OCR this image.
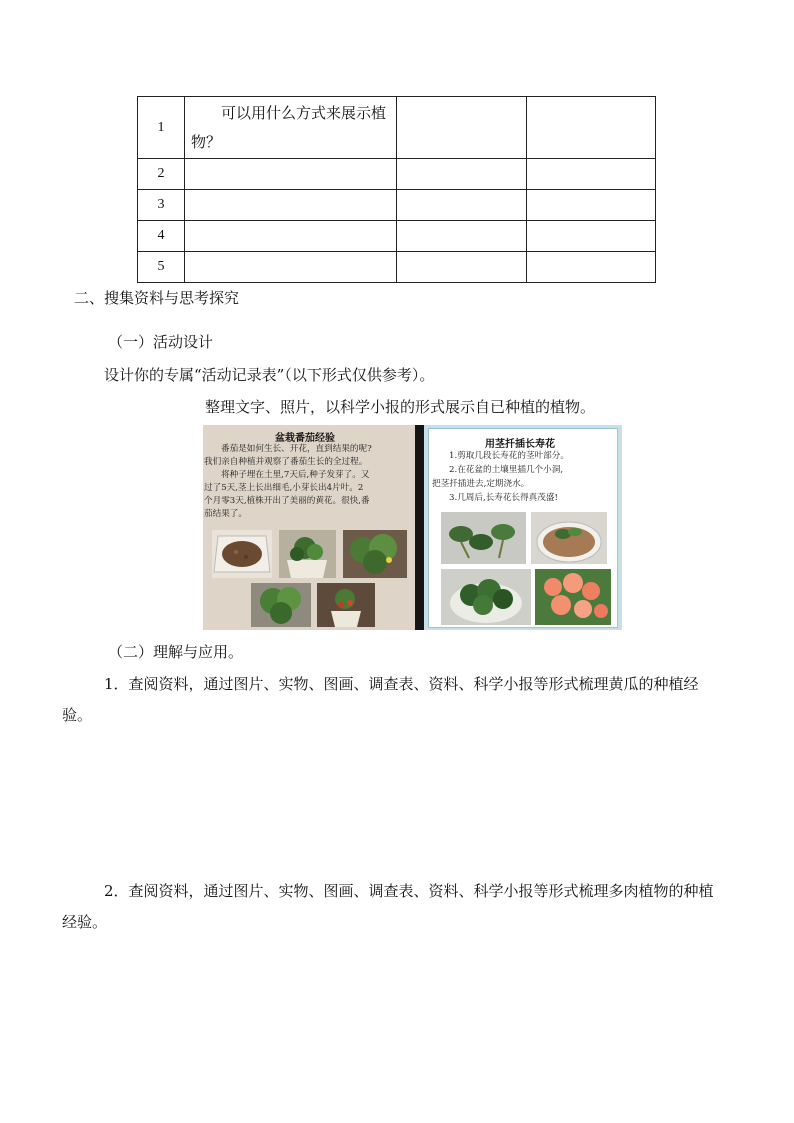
1	可以用什么方式来展示植物？		

2			
3			
4			
5			
二、搜集资料与思考探究
（一）活动设计
设计你的专属“活动记录表”（以下形式仅供参考）。
整理文字、照片，以科学小报的形式展示自已种植的植物。
盆栽番茄经验
番茄是如何生长、开花，直到结果的呢?
我们亲自种植并观察了番茄生长的全过程。
将种子埋在土里,7天后,种子发芽了。又
过了5天,茎上长出细毛,小芽长出4片叶。2
个月零3天,植株开出了美丽的黄花。很快,番
茄结果了。
用茎扦插长寿花
1.剪取几段长寿花的茎叶部分。
2.在花盆的土壤里插几个小洞,
把茎扦插进去,定期浇水。
3.几周后,长寿花长得真茂盛!
（二）理解与应用。
1．查阅资料，通过图片、实物、图画、调查表、资料、科学小报等形式梳理黄瓜的种植经验。
2．查阅资料，通过图片、实物、图画、调查表、资料、科学小报等形式梳理多肉植物的种植经验。
